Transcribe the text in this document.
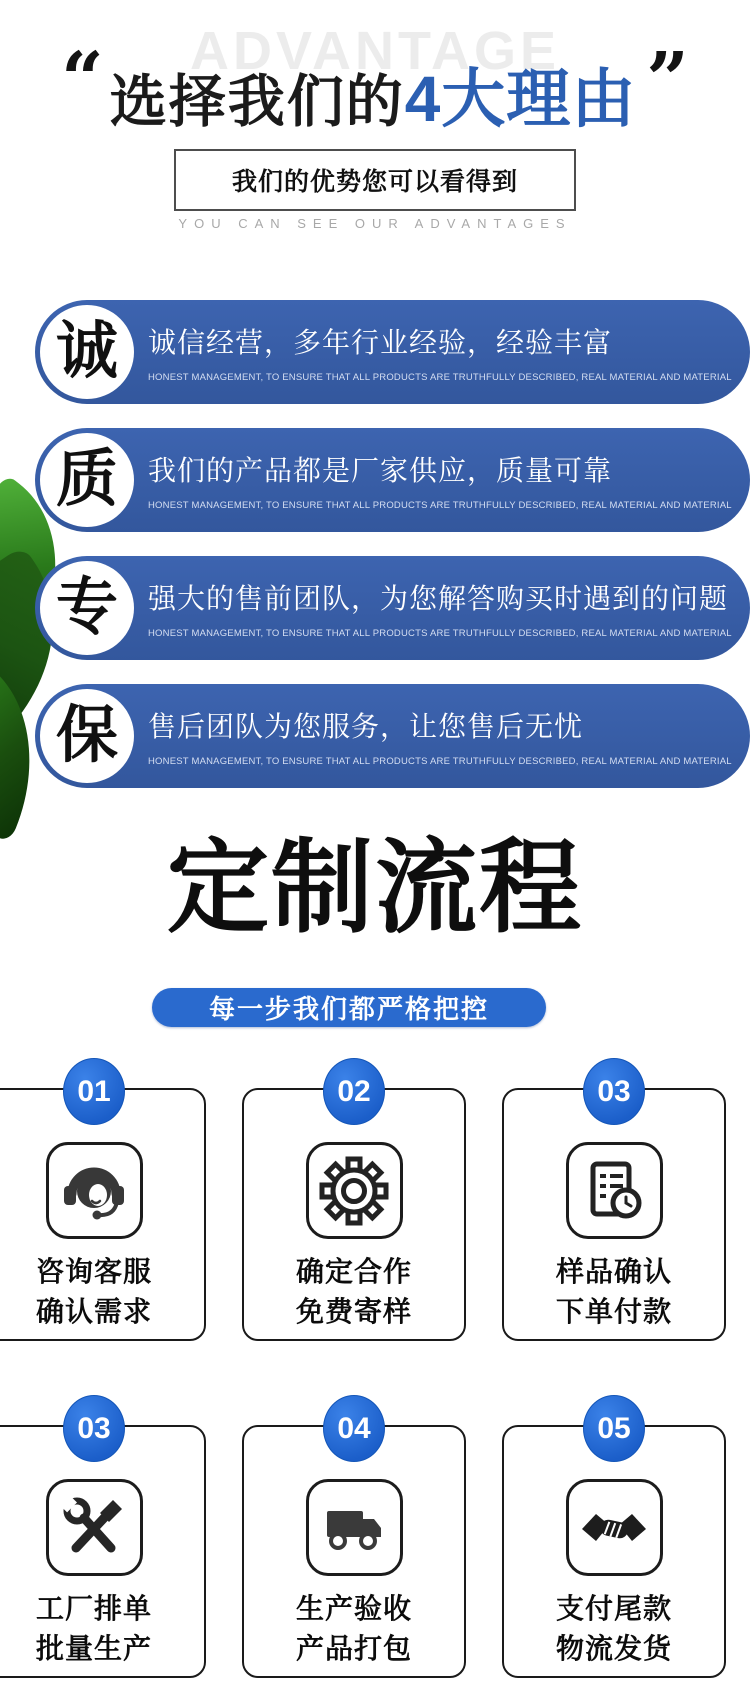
ADVANTAGE
“ 选择我们的4大理由 ”
我们的优势您可以看得到
YOU CAN SEE OUR ADVANTAGES
诚 诚信经营，多年行业经验，经验丰富
HONEST MANAGEMENT, TO ENSURE THAT ALL PRODUCTS ARE TRUTHFULLY DESCRIBED, REAL MATERIAL AND MATERIAL
质 我们的产品都是厂家供应，质量可靠
HONEST MANAGEMENT, TO ENSURE THAT ALL PRODUCTS ARE TRUTHFULLY DESCRIBED, REAL MATERIAL AND MATERIAL
专 强大的售前团队，为您解答购买时遇到的问题
HONEST MANAGEMENT, TO ENSURE THAT ALL PRODUCTS ARE TRUTHFULLY DESCRIBED, REAL MATERIAL AND MATERIAL
保 售后团队为您服务，让您售后无忧
HONEST MANAGEMENT, TO ENSURE THAT ALL PRODUCTS ARE TRUTHFULLY DESCRIBED, REAL MATERIAL AND MATERIAL
定制流程
每一步我们都严格把控
01
咨询客服
确认需求
02
确定合作
免费寄样
03
样品确认
下单付款
03
工厂排单
批量生产
04
生产验收
产品打包
05
支付尾款
物流发货
